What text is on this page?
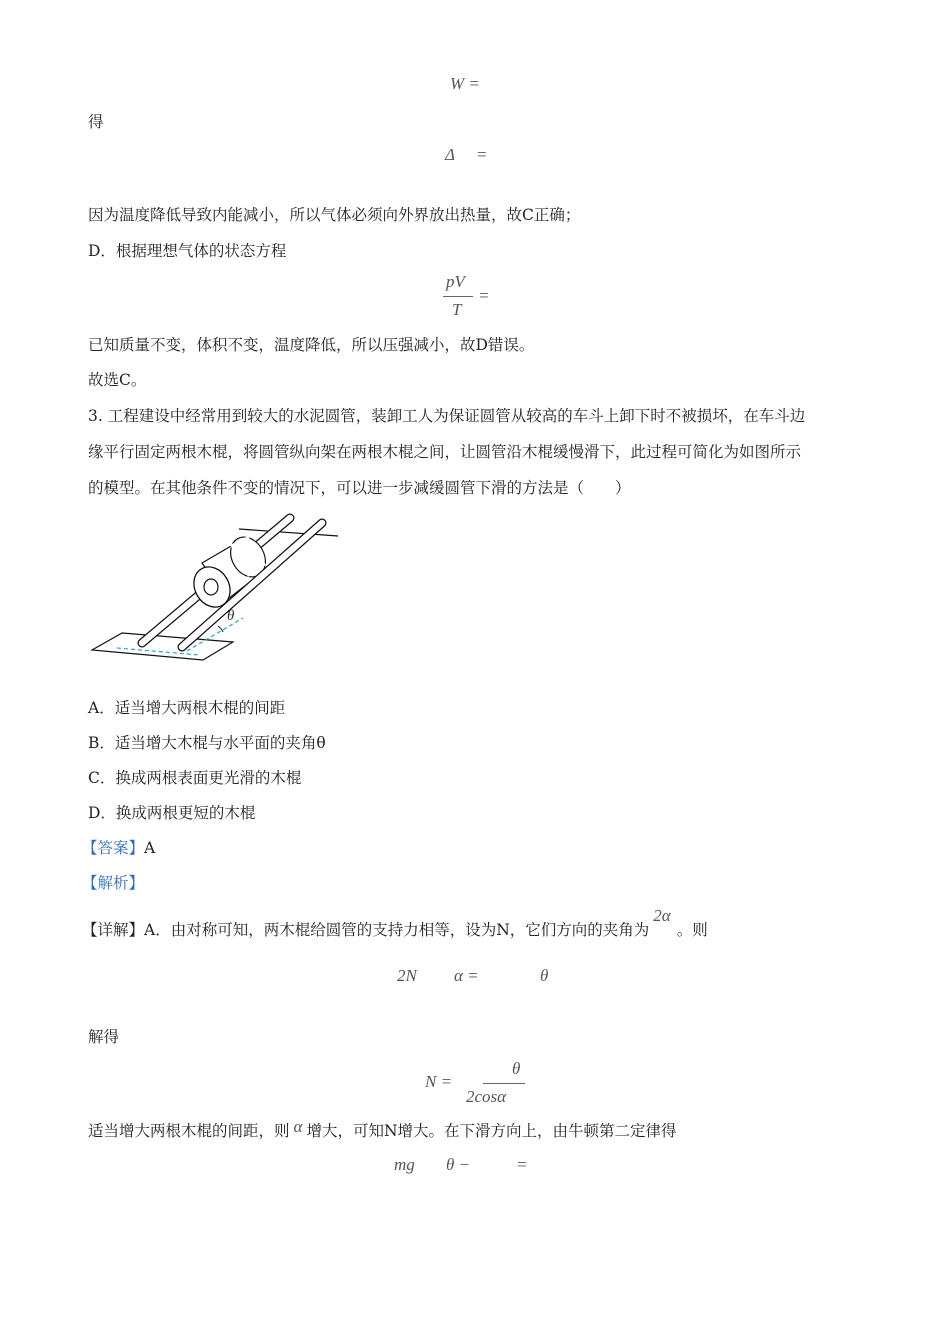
W =
得
Δ     =
因为温度降低导致内能减小，所以气体必须向外界放出热量，故C正确；
D．根据理想气体的状态方程
pV
T
=
已知质量不变，体积不变，温度降低，所以压强减小，故D错误。
故选C。
3. 工程建设中经常用到较大的水泥圆管，装卸工人为保证圆管从较高的车斗上卸下时不被损坏，在车斗边
缘平行固定两根木棍，将圆管纵向架在两根木棍之间，让圆管沿木棍缓慢滑下，此过程可简化为如图所示
的模型。在其他条件不变的情况下，可以进一步减缓圆管下滑的方法是（　　）
θ
A．适当增大两根木棍的间距
B．适当增大木棍与水平面的夹角θ
C．换成两根表面更光滑的木棍
D．换成两根更短的木棍
【答案】A
【解析】
【详解】A．由对称可知，两木棍给圆管的支持力相等，设为N，它们方向的夹角为2α。则
2N α =	θ
解得
N =
θ
2cosα
适当增大两根木棍的间距，则 α 增大，可知N增大。在下滑方向上，由牛顿第二定律得
mg θ −	=
